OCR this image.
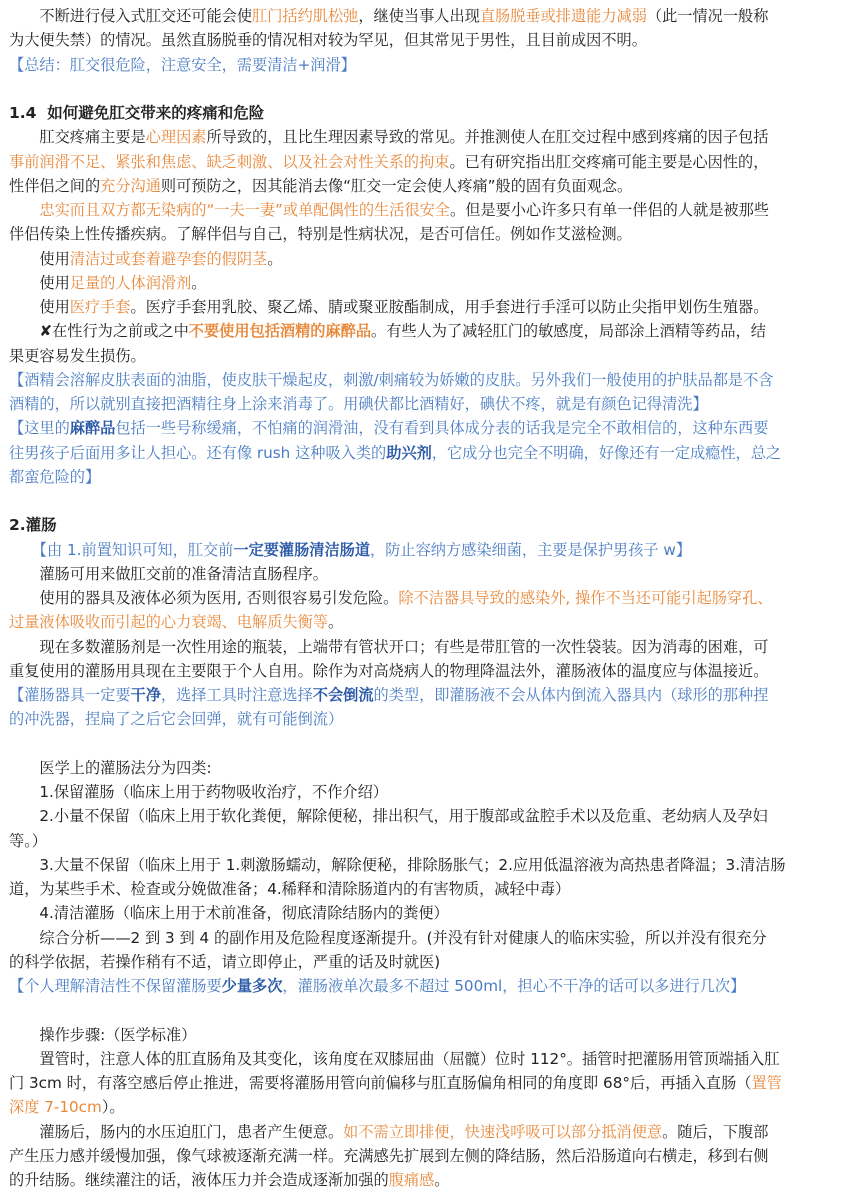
　　不断进行侵入式肛交还可能会使肛门括约肌松弛，继使当事人出现直肠脱垂或排遗能力减弱（此一情况一般称
为大便失禁）的情况。虽然直肠脱垂的情况相对较为罕见，但其常见于男性，且目前成因不明。
【总结：肛交很危险，注意安全，需要清洁+润滑】
1.4  如何避免肛交带来的疼痛和危险
　　肛交疼痛主要是心理因素所导致的，且比生理因素导致的常见。并推测使人在肛交过程中感到疼痛的因子包括
事前润滑不足、紧张和焦虑、缺乏刺激、以及社会对性关系的拘束。已有研究指出肛交疼痛可能主要是心因性的，
性伴侣之间的充分沟通则可预防之，因其能消去像“肛交一定会使人疼痛”般的固有负面观念。
　　忠实而且双方都无染病的“一夫一妻”或单配偶性的生活很安全。但是要小心许多只有单一伴侣的人就是被那些
伴侣传染上性传播疾病。了解伴侣与自己，特别是性病状况，是否可信任。例如作艾滋检测。
　　使用清洁过或套着避孕套的假阴茎。
　　使用足量的人体润滑剂。
　　使用医疗手套。医疗手套用乳胶、聚乙烯、腈或聚亚胺酯制成，用手套进行手淫可以防止尖指甲划伤生殖器。
　　✘在性行为之前或之中不要使用包括酒精的麻醉品。有些人为了减轻肛门的敏感度，局部涂上酒精等药品，结
果更容易发生损伤。
【酒精会溶解皮肤表面的油脂，使皮肤干燥起皮，刺激/刺痛较为娇嫩的皮肤。另外我们一般使用的护肤品都是不含
酒精的，所以就别直接把酒精往身上涂来消毒了。用碘伏都比酒精好，碘伏不疼，就是有颜色记得清洗】
【这里的麻醉品包括一些号称缓痛，不怕痛的润滑油，没有看到具体成分表的话我是完全不敢相信的，这种东西要
往男孩子后面用多让人担心。还有像 rush 这种吸入类的助兴剂，它成分也完全不明确，好像还有一定成瘾性，总之
都蛮危险的】
2.灌肠
　　【由 1.前置知识可知，肛交前一定要灌肠清洁肠道，防止容纳方感染细菌，主要是保护男孩子 w】
　　灌肠可用来做肛交前的准备清洁直肠程序。
　　使用的器具及液体必须为医用, 否则很容易引发危险。除不洁器具导致的感染外, 操作不当还可能引起肠穿孔、
过量液体吸收而引起的心力衰竭、电解质失衡等。
　　现在多数灌肠剂是一次性用途的瓶装，上端带有管状开口；有些是带肛管的一次性袋装。因为消毒的困难，可
重复使用的灌肠用具现在主要限于个人自用。除作为对高烧病人的物理降温法外，灌肠液体的温度应与体温接近。
【灌肠器具一定要干净，选择工具时注意选择不会倒流的类型，即灌肠液不会从体内倒流入器具内（球形的那种捏
的冲洗器，捏扁了之后它会回弹，就有可能倒流）
　　医学上的灌肠法分为四类:
　　1.保留灌肠（临床上用于药物吸收治疗，不作介绍）
　　2.小量不保留（临床上用于软化粪便，解除便秘，排出积气，用于腹部或盆腔手术以及危重、老幼病人及孕妇
等。）
　　3.大量不保留（临床上用于 1.刺激肠蠕动，解除便秘，排除肠胀气；2.应用低温溶液为高热患者降温；3.清洁肠
道，为某些手术、检查或分娩做准备；4.稀释和清除肠道内的有害物质，减轻中毒）
　　4.清洁灌肠（临床上用于术前准备，彻底清除结肠内的粪便）
　　综合分析——2 到 3 到 4 的副作用及危险程度逐渐提升。(并没有针对健康人的临床实验，所以并没有很充分
的科学依据，若操作稍有不适，请立即停止，严重的话及时就医)
【个人理解清洁性不保留灌肠要少量多次，灌肠液单次最多不超过 500ml，担心不干净的话可以多进行几次】
　　操作步骤:（医学标准）
　　置管时，注意人体的肛直肠角及其变化，该角度在双膝屈曲（屈髋）位时 112°。插管时把灌肠用管顶端插入肛
门 3cm 时，有落空感后停止推进，需要将灌肠用管向前偏移与肛直肠偏角相同的角度即 68°后，再插入直肠（置管
深度 7-10cm）。
　　灌肠后，肠内的水压迫肛门，患者产生便意。如不需立即排便，快速浅呼吸可以部分抵消便意。随后，下腹部
产生压力感并缓慢加强，像气球被逐渐充满一样。充满感先扩展到左侧的降结肠，然后沿肠道向右横走，移到右侧
的升结肠。继续灌注的话，液体压力并会造成逐渐加强的腹痛感。
